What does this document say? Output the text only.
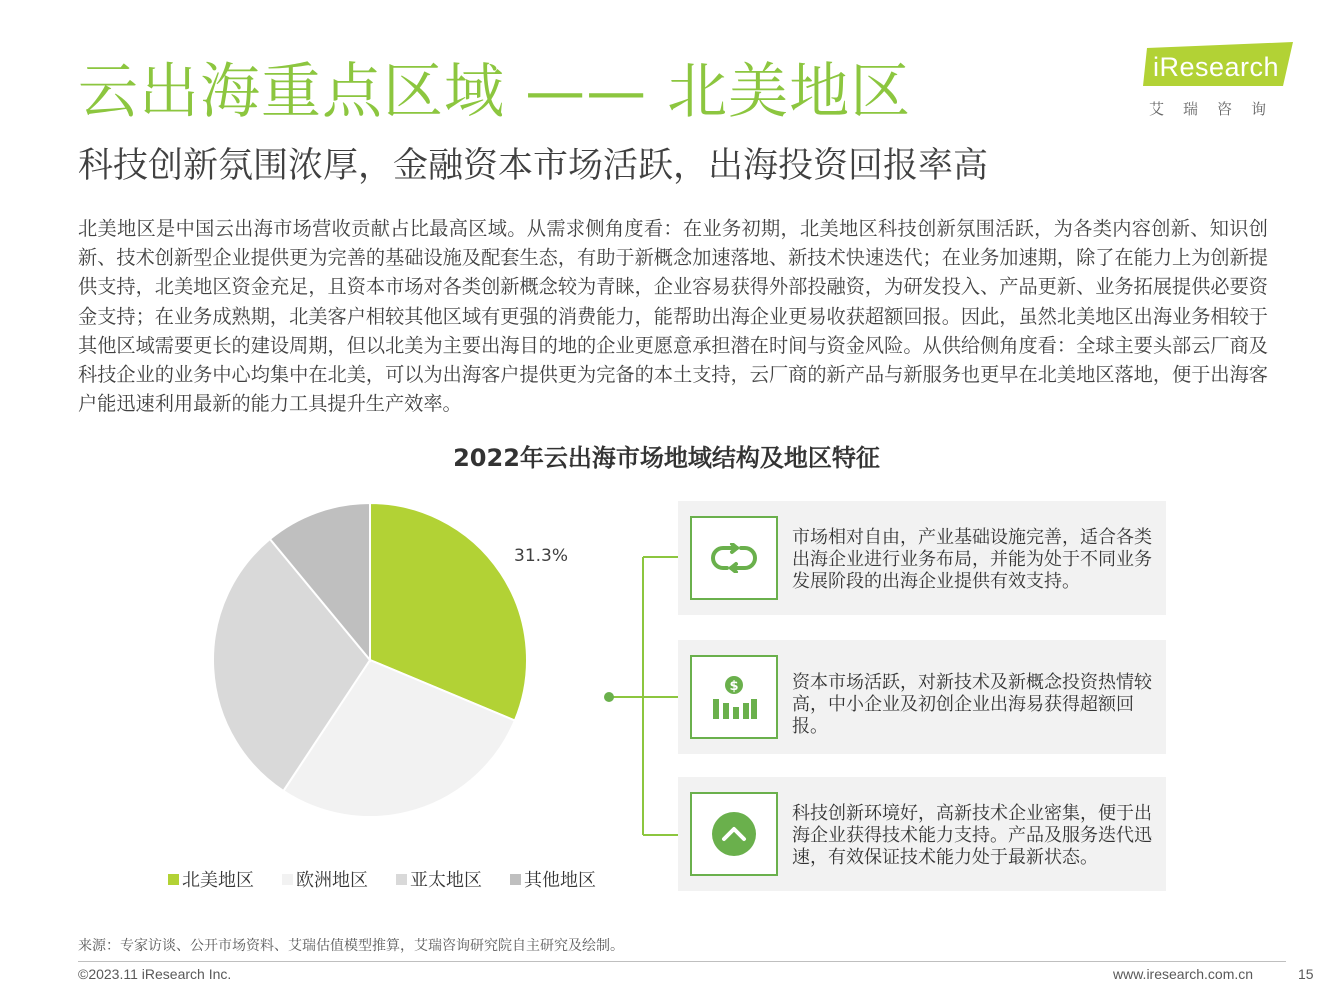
云出海重点区域 —— 北美地区	iResearch
艾瑞咨询
科技创新氛围浓厚，金融资本市场活跃，出海投资回报率高
北美地区是中国云出海市场营收贡献占比最高区域。从需求侧角度看：在业务初期，北美地区科技创新氛围活跃，为各类内容创新、知识创新、技术创新型企业提供更为完善的基础设施及配套生态，有助于新概念加速落地、新技术快速迭代；在业务加速期，除了在能力上为创新提供支持，北美地区资金充足，且资本市场对各类创新概念较为青睐，企业容易获得外部投融资，为研发投入、产品更新、业务拓展提供必要资金支持；在业务成熟期，北美客户相较其他区域有更强的消费能力，能帮助出海企业更易收获超额回报。因此，虽然北美地区出海业务相较于其他区域需要更长的建设周期，但以北美为主要出海目的地的企业更愿意承担潜在时间与资金风险。从供给侧角度看：全球主要头部云厂商及科技企业的业务中心均集中在北美，可以为出海客户提供更为完备的本土支持，云厂商的新产品与新服务也更早在北美地区落地，便于出海客户能迅速利用最新的能力工具提升生产效率。
2022年云出海市场地域结构及地区特征
31.3%
北美地区 欧洲地区 亚太地区 其他地区
市场相对自由，产业基础设施完善，适合各类出海企业进行业务布局，并能为处于不同业务发展阶段的出海企业提供有效支持。
$	资本市场活跃，对新技术及新概念投资热情较高，中小企业及初创企业出海易获得超额回报。
科技创新环境好，高新技术企业密集，便于出海企业获得技术能力支持。产品及服务迭代迅速，有效保证技术能力处于最新状态。
来源：专家访谈、公开市场资料、艾瑞估值模型推算，艾瑞咨询研究院自主研究及绘制。
©2023.11 iResearch Inc.	www.iresearch.com.cn	15
